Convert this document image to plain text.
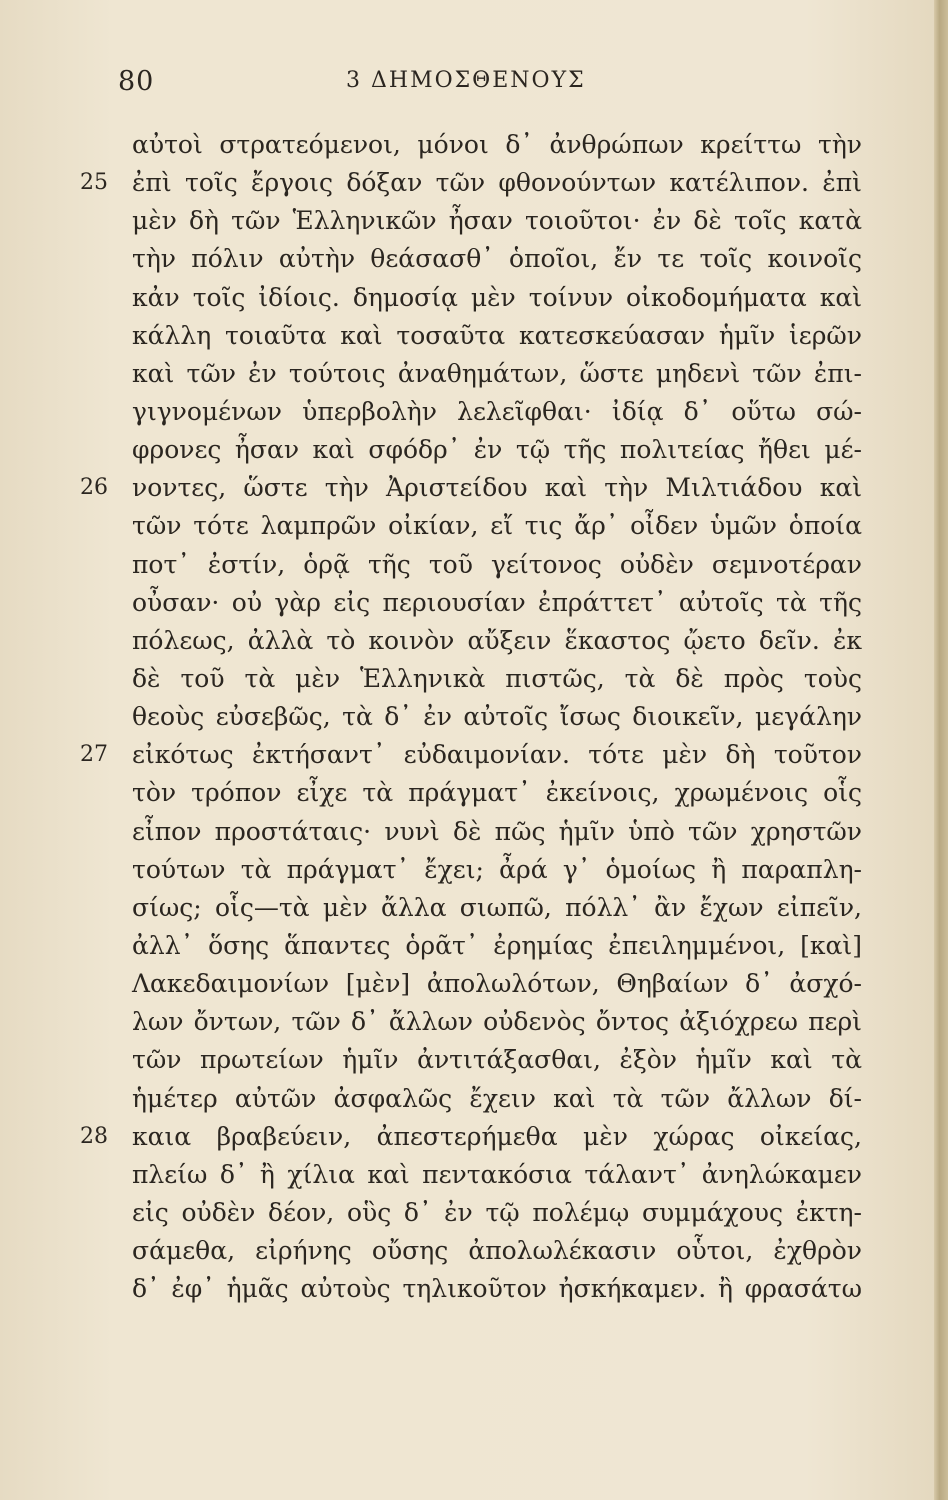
80	3 ΔΗΜΟΣΘΕΝΟΥΣ
αὐτοὶ στρατεόμενοι, μόνοι δ᾽ ἀνθρώπων κρείττω τὴν
25 ἐπὶ τοῖς ἔργοις δόξαν τῶν φθονούντων κατέλιπον. ἐπὶ
μὲν δὴ τῶν Ἑλληνικῶν ἦσαν τοιοῦτοι· ἐν δὲ τοῖς κατὰ
τὴν πόλιν αὐτὴν θεάσασθ᾽ ὁποῖοι, ἔν τε τοῖς κοινοῖς
κἀν τοῖς ἰδίοις. δημοσίᾳ μὲν τοίνυν οἰκοδομήματα καὶ
κάλλη τοιαῦτα καὶ τοσαῦτα κατεσκεύασαν ἡμῖν ἱερῶν
καὶ τῶν ἐν τούτοις ἀναθημάτων, ὥστε μηδενὶ τῶν ἐπι-
γιγνομένων ὑπερβολὴν λελεῖφθαι· ἰδίᾳ δ᾽ οὕτω σώ-
φρονες ἦσαν καὶ σφόδρ᾽ ἐν τῷ τῆς πολιτείας ἤθει μέ-
26 νοντες, ὥστε τὴν Ἀριστείδου καὶ τὴν Μιλτιάδου καὶ
τῶν τότε λαμπρῶν οἰκίαν, εἴ τις ἄρ᾽ οἶδεν ὑμῶν ὁποία
ποτ᾽ ἐστίν, ὁρᾷ τῆς τοῦ γείτονος οὐδὲν σεμνοτέραν
οὖσαν· οὐ γὰρ εἰς περιουσίαν ἐπράττετ᾽ αὐτοῖς τὰ τῆς
πόλεως, ἀλλὰ τὸ κοινὸν αὔξειν ἕκαστος ᾤετο δεῖν. ἐκ
δὲ τοῦ τὰ μὲν Ἑλληνικὰ πιστῶς, τὰ δὲ πρὸς τοὺς
θεοὺς εὐσεβῶς, τὰ δ᾽ ἐν αὐτοῖς ἴσως διοικεῖν, μεγάλην
27 εἰκότως ἐκτήσαντ᾽ εὐδαιμονίαν. τότε μὲν δὴ τοῦτον
τὸν τρόπον εἶχε τὰ πράγματ᾽ ἐκείνοις, χρωμένοις οἷς
εἶπον προστάταις· νυνὶ δὲ πῶς ἡμῖν ὑπὸ τῶν χρηστῶν
τούτων τὰ πράγματ᾽ ἔχει; ἆρά γ᾽ ὁμοίως ἢ παραπλη-
σίως; οἷς—τὰ μὲν ἄλλα σιωπῶ, πόλλ᾽ ἂν ἔχων εἰπεῖν,
ἀλλ᾽ ὅσης ἅπαντες ὁρᾶτ᾽ ἐρημίας ἐπειλημμένοι, [καὶ]
Λακεδαιμονίων [μὲν] ἀπολωλότων, Θηβαίων δ᾽ ἀσχό-
λων ὄντων, τῶν δ᾽ ἄλλων οὐδενὸς ὄντος ἀξιόχρεω περὶ
τῶν πρωτείων ἡμῖν ἀντιτάξασθαι, ἐξὸν ἡμῖν καὶ τὰ
ἡμέτερ αὐτῶν ἀσφαλῶς ἔχειν καὶ τὰ τῶν ἄλλων δί-
28 καια βραβεύειν, ἀπεστερήμεθα μὲν χώρας οἰκείας,
πλείω δ᾽ ἢ χίλια καὶ πεντακόσια τάλαντ᾽ ἀνηλώκαμεν
εἰς οὐδὲν δέον, οὓς δ᾽ ἐν τῷ πολέμῳ συμμάχους ἐκτη-
σάμεθα, εἰρήνης οὔσης ἀπολωλέκασιν οὗτοι, ἐχθρὸν
δ᾽ ἐφ᾽ ἡμᾶς αὐτοὺς τηλικοῦτον ἠσκήκαμεν. ἢ φρασάτω
